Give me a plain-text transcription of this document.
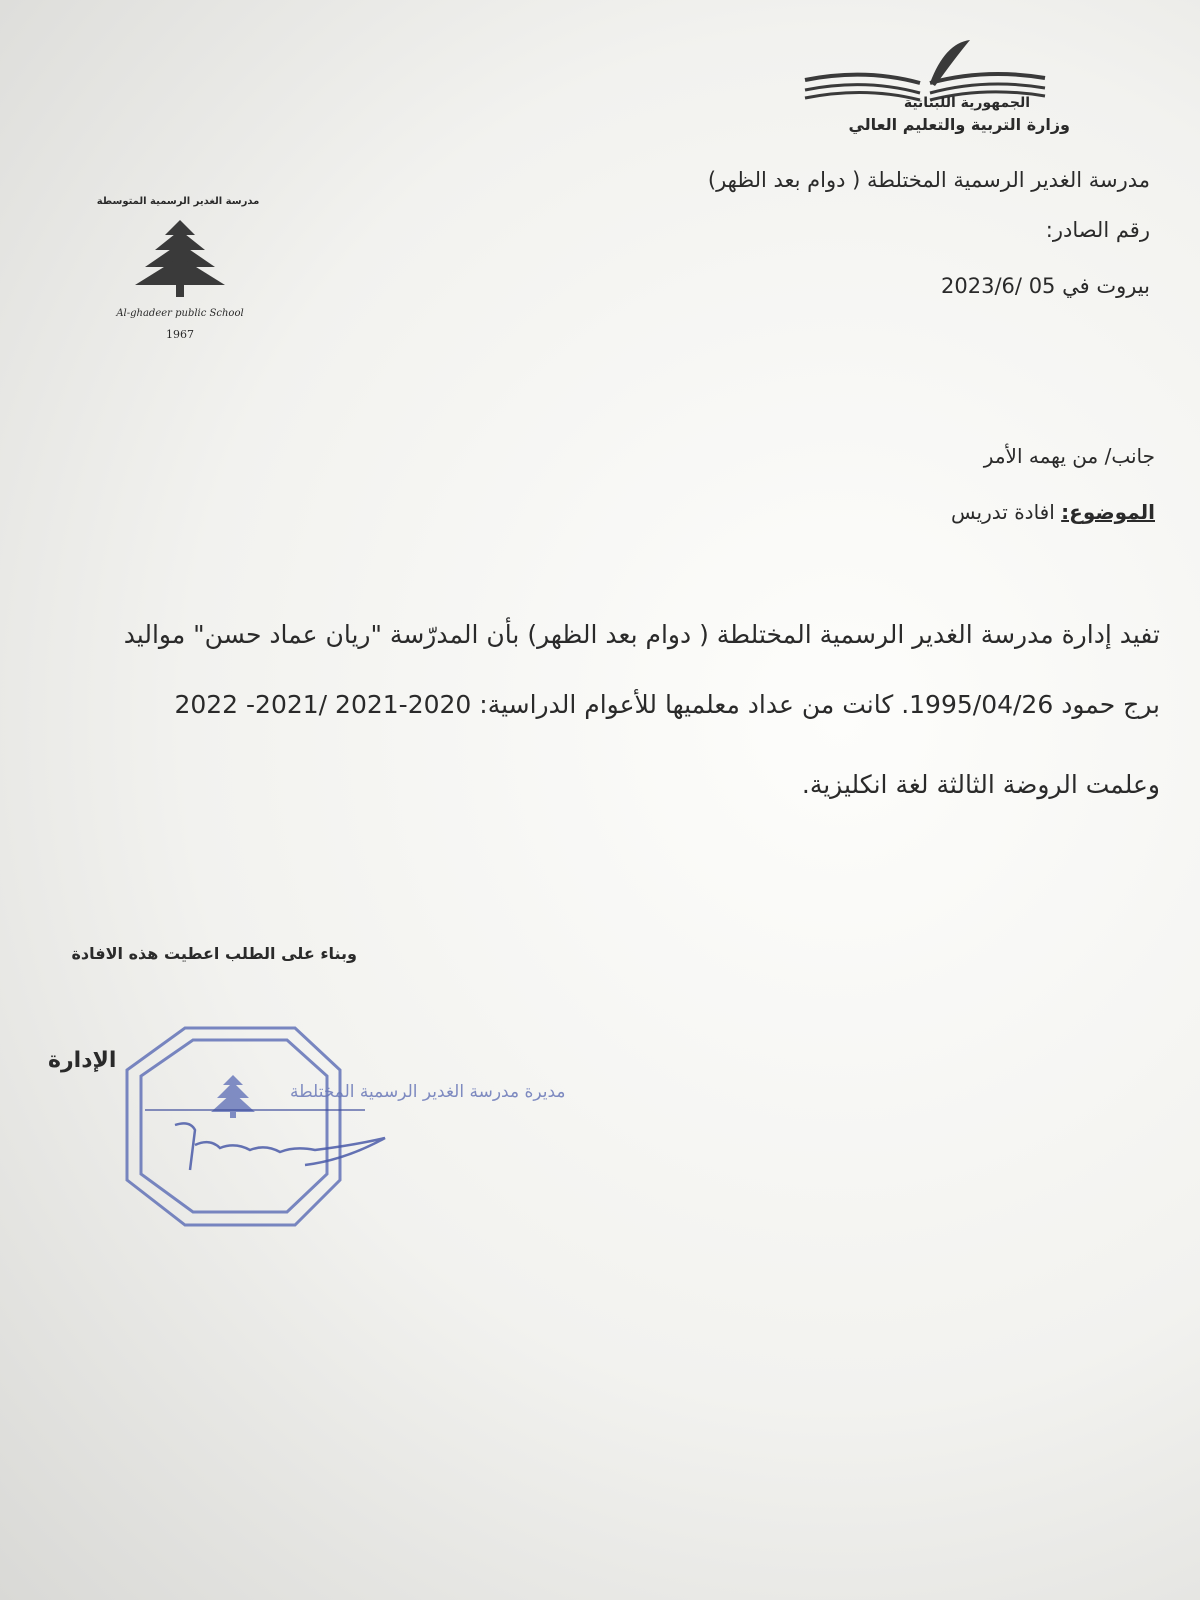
الجمهورية اللبنانية
وزارة التربية والتعليم العالي
مدرسة الغدير الرسمية المتوسطة
Al-ghadeer public School
1967
مدرسة الغدير الرسمية المختلطة ( دوام بعد الظهر)
رقم الصادر:
بيروت في 05 /2023/6
جانب/ من يهمه الأمر
الموضوع: افادة تدريس
تفيد إدارة مدرسة الغدير الرسمية المختلطة ( دوام بعد الظهر) بأن المدرّسة "ريان عماد حسن" مواليد
برج حمود 1995/04/26. كانت من عداد معلميها للأعوام الدراسية: 2020-2021 /2021- 2022
وعلمت الروضة الثالثة لغة انكليزية.
وبناء على الطلب اعطيت هذه الافادة
مديرة مدرسة الغدير الرسمية المختلطة
الإدارة
